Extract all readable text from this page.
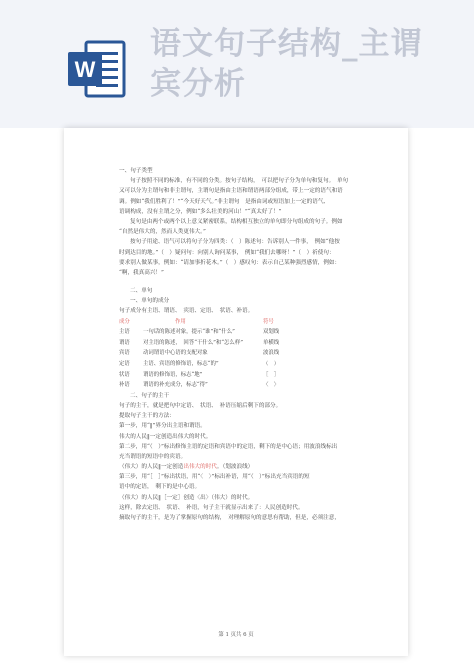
W
语文句子结构_主谓宾分析
一、句子类型
句子按照不同的标准，有不同的分类。按句子结构，　可以把句子分为单句和复句。　单句
又可以分为主谓句和非主谓句，主谓句是指由主语和谓语两部分组成，带上一定的语气和语
调。例如“我们胜利了！”“今天好天气。”非主谓句　是指由词或短语加上一定的语气、
语调构成，没有主谓之分，例如“多么壮美的河山！”“真太好了！”
复句是由两个或两个以上意义紧密联系，结构相互独立的单句即分句组成的句子。例如
“自然是伟大的，然而人类更伟大。”
按句子用途、语气可以将句子分为四类：（　）陈述句：告诉别人一件事，　例如“他按
时到达目的地。”（　）疑问句：向别人询问某事，　例如“我们去哪呀！”（　）祈使句：
要求别人做某事，例如：“请加事折花木。”（　）感叹句：表示自己某种强烈感情，例如：
“啊，我真高兴！”
二、单句
一、单句的成分
句子成分有主语、谓语、　宾语、定语、　状语、补语。
成分	作用	符号
主语	一句话的陈述对象，提示“谁”和“什么”	双划线
谓语	对主语的陈述，　回答“干什么”和“怎么样”	单横线
宾语	动词谓语中心语的支配对象	波浪线
定语	主语、宾语的修饰语，标志“的”	（　）
状语	谓语的修饰语，标志“地”	［　］
补语	谓语的补充成分，标志“得”	〈　〉
二、句子的主干
句子的主干，就是把句中定语、　状语、　补语压缩后剩下的部分。
提取句子主干的方法：
第一步，用“‖”界分出主语和谓语。
伟大的人民‖一定创造出伟大的时代。
第二步，用“（　）”标出修饰主语的定语和宾语中的定语，剩下的是中心语；用波浪线标出
充当谓语的短语中的宾语。
（伟大）的人民‖一定创造出伟大的时代。（划波浪线）
第三步，用“［　］”标出状语，用“〈　〉”标出补语，用“（　）”标出充当宾语的短
语中的定语，　剩下的是中心语。
（伟大）的人民‖［一定］创造〈出〉（伟大）的时代。
这样，除去定语、　状语、　补语，句子主干就显示出来了：人民创造时代。
摘取句子的主干，是为了掌握原句的结构，　对理解原句的意思有帮助，但是，必须注意，
第 1 页共 6 页
